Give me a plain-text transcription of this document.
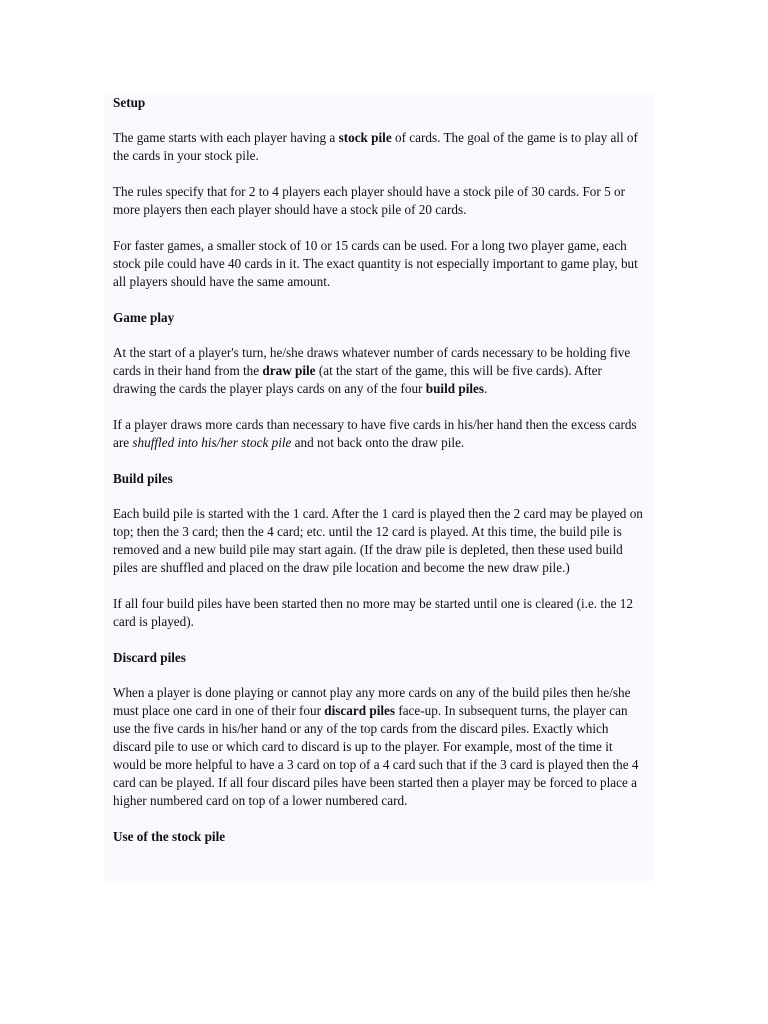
Setup

The game starts with each player having a stock pile of cards. The goal of the game is to play all of the cards in your stock pile.

The rules specify that for 2 to 4 players each player should have a stock pile of 30 cards. For 5 or more players then each player should have a stock pile of 20 cards.

For faster games, a smaller stock of 10 or 15 cards can be used. For a long two player game, each stock pile could have 40 cards in it. The exact quantity is not especially important to game play, but all players should have the same amount.

Game play

At the start of a player's turn, he/she draws whatever number of cards necessary to be holding five cards in their hand from the draw pile (at the start of the game, this will be five cards). After drawing the cards the player plays cards on any of the four build piles.

If a player draws more cards than necessary to have five cards in his/her hand then the excess cards are shuffled into his/her stock pile and not back onto the draw pile.

Build piles

Each build pile is started with the 1 card. After the 1 card is played then the 2 card may be played on top; then the 3 card; then the 4 card; etc. until the 12 card is played. At this time, the build pile is removed and a new build pile may start again. (If the draw pile is depleted, then these used build piles are shuffled and placed on the draw pile location and become the new draw pile.)

If all four build piles have been started then no more may be started until one is cleared (i.e. the 12 card is played).

Discard piles

When a player is done playing or cannot play any more cards on any of the build piles then he/she must place one card in one of their four discard piles face-up. In subsequent turns, the player can use the five cards in his/her hand or any of the top cards from the discard piles. Exactly which discard pile to use or which card to discard is up to the player. For example, most of the time it would be more helpful to have a 3 card on top of a 4 card such that if the 3 card is played then the 4 card can be played. If all four discard piles have been started then a player may be forced to place a higher numbered card on top of a lower numbered card.

Use of the stock pile
